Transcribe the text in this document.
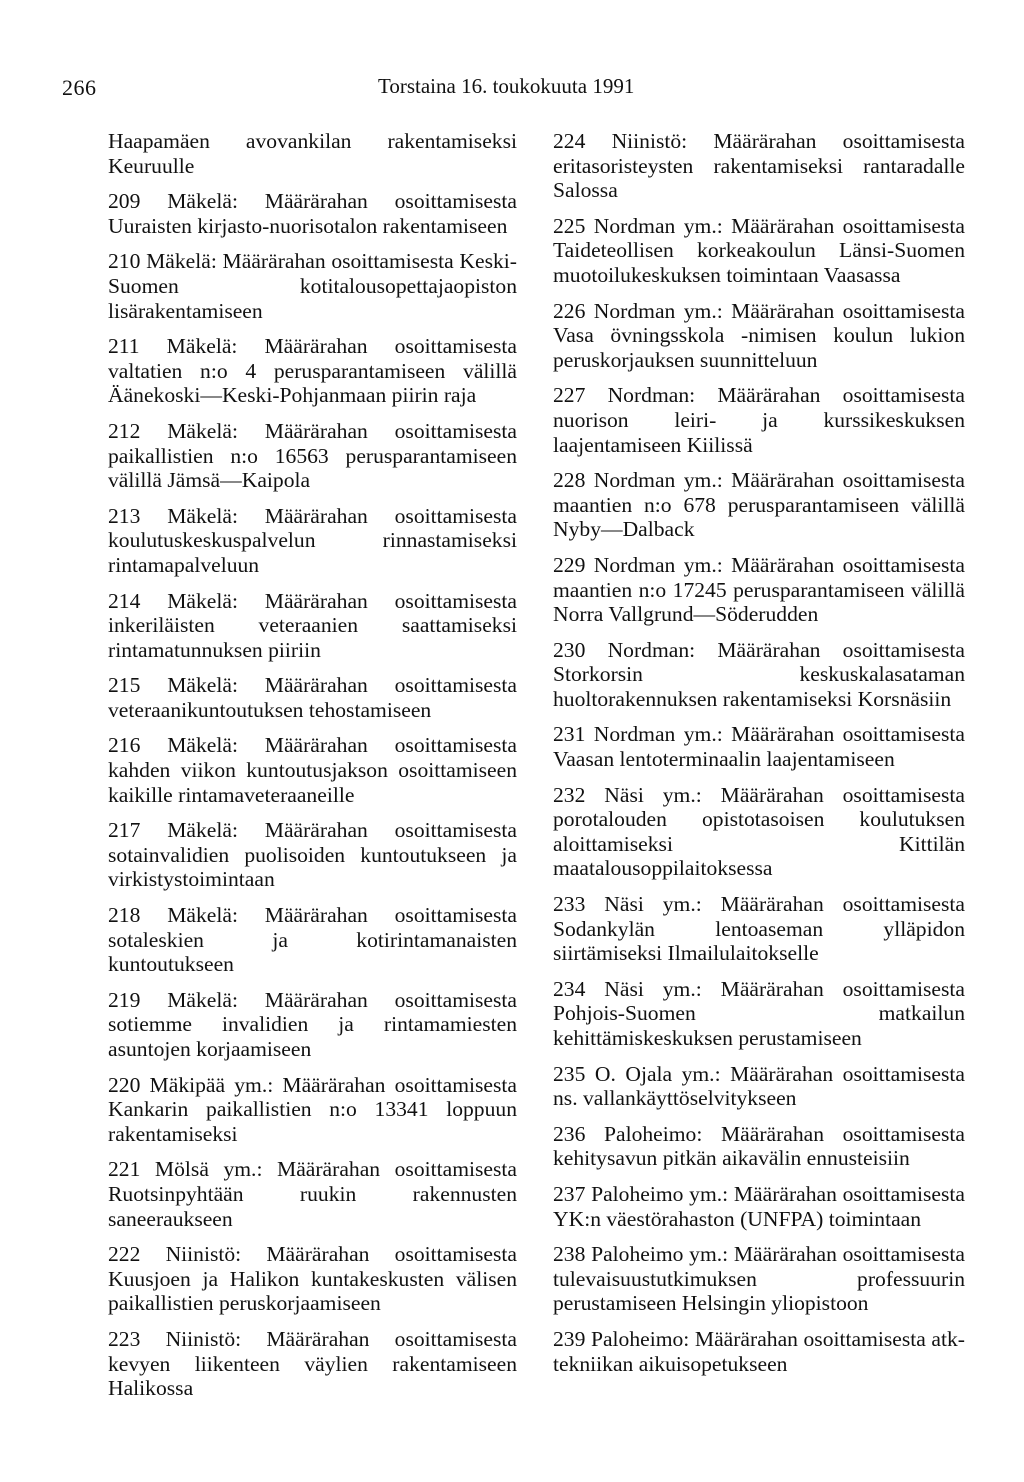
266	Torstaina 16. toukokuuta 1991

Haapamäen avovankilan rakentamiseksi Keuruulle

209 Mäkelä: Määrärahan osoittamisesta Uuraisten kirjasto-nuorisotalon rakentamiseen

210 Mäkelä: Määrärahan osoittamisesta Keski-Suomen kotitalousopettajaopiston lisärakentamiseen

211 Mäkelä: Määrärahan osoittamisesta valtatien n:o 4 perusparantamiseen välillä Äänekoski—Keski-Pohjanmaan piirin raja

212 Mäkelä: Määrärahan osoittamisesta paikallistien n:o 16563 perusparantamiseen välillä Jämsä—Kaipola

213 Mäkelä: Määrärahan osoittamisesta koulutuskeskuspalvelun rinnastamiseksi rintamapalveluun

214 Mäkelä: Määrärahan osoittamisesta inkeriläisten veteraanien saattamiseksi rintamatunnuksen piiriin

215 Mäkelä: Määrärahan osoittamisesta veteraanikuntoutuksen tehostamiseen

216 Mäkelä: Määrärahan osoittamisesta kahden viikon kuntoutusjakson osoittamiseen kaikille rintamaveteraaneille

217 Mäkelä: Määrärahan osoittamisesta sotainvalidien puolisoiden kuntoutukseen ja virkistystoimintaan

218 Mäkelä: Määrärahan osoittamisesta sotaleskien ja kotirintamanaisten kuntoutukseen

219 Mäkelä: Määrärahan osoittamisesta sotiemme invalidien ja rintamamiesten asuntojen korjaamiseen

220 Mäkipää ym.: Määrärahan osoittamisesta Kankarin paikallistien n:o 13341 loppuun rakentamiseksi

221 Mölsä ym.: Määrärahan osoittamisesta Ruotsinpyhtään ruukin rakennusten saneeraukseen

222 Niinistö: Määrärahan osoittamisesta Kuusjoen ja Halikon kuntakeskusten välisen paikallistien peruskorjaamiseen

223 Niinistö: Määrärahan osoittamisesta kevyen liikenteen väylien rakentamiseen Halikossa

224 Niinistö: Määrärahan osoittamisesta eritasoristeysten rakentamiseksi rantaradalle Salossa

225 Nordman ym.: Määrärahan osoittamisesta Taideteollisen korkeakoulun Länsi-Suomen muotoilukeskuksen toimintaan Vaasassa

226 Nordman ym.: Määrärahan osoittamisesta Vasa övningsskola -nimisen koulun lukion peruskorjauksen suunnitteluun

227 Nordman: Määrärahan osoittamisesta nuorison leiri- ja kurssikeskuksen laajentamiseen Kiilissä

228 Nordman ym.: Määrärahan osoittamisesta maantien n:o 678 perusparantamiseen välillä Nyby—Dalback

229 Nordman ym.: Määrärahan osoittamisesta maantien n:o 17245 perusparantamiseen välillä Norra Vallgrund—Söderudden

230 Nordman: Määrärahan osoittamisesta Storkorsin keskuskalasataman huoltorakennuksen rakentamiseksi Korsnäsiin

231 Nordman ym.: Määrärahan osoittamisesta Vaasan lentoterminaalin laajentamiseen

232 Näsi ym.: Määrärahan osoittamisesta porotalouden opistotasoisen koulutuksen aloittamiseksi Kittilän maatalousoppilaitoksessa

233 Näsi ym.: Määrärahan osoittamisesta Sodankylän lentoaseman ylläpidon siirtämiseksi Ilmailulaitokselle

234 Näsi ym.: Määrärahan osoittamisesta Pohjois-Suomen matkailun kehittämiskeskuksen perustamiseen

235 O. Ojala ym.: Määrärahan osoittamisesta ns. vallankäyttöselvitykseen

236 Paloheimo: Määrärahan osoittamisesta kehitysavun pitkän aikavälin ennusteisiin

237 Paloheimo ym.: Määrärahan osoittamisesta YK:n väestörahaston (UNFPA) toimintaan

238 Paloheimo ym.: Määrärahan osoittamisesta tulevaisuustutkimuksen professuurin perustamiseen Helsingin yliopistoon

239 Paloheimo: Määrärahan osoittamisesta atk-tekniikan aikuisopetukseen
